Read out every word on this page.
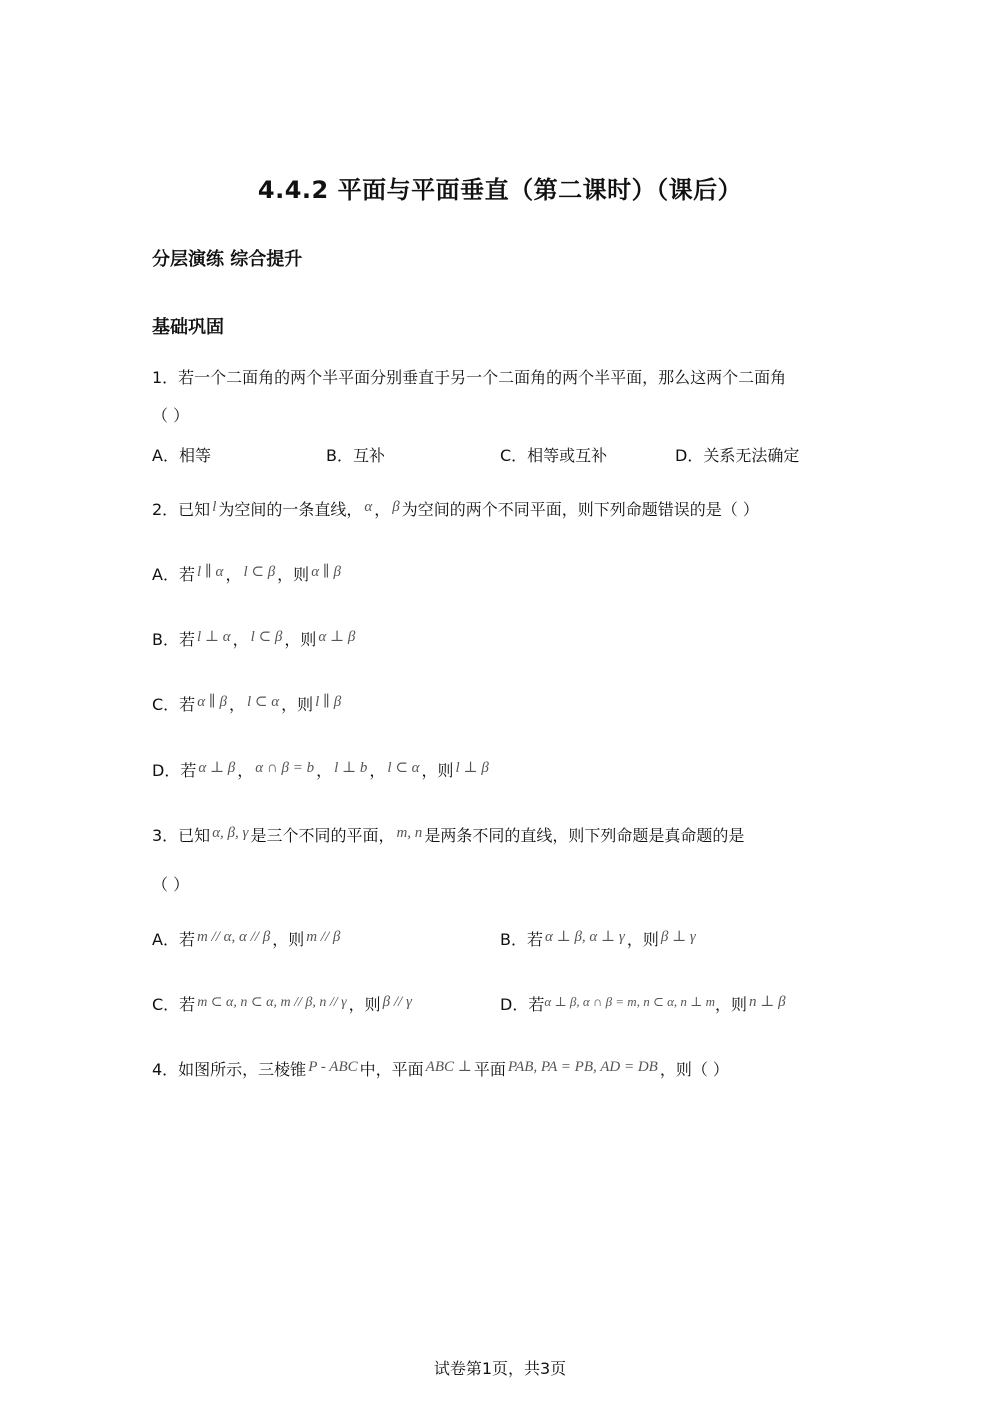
4.4.2 平面与平面垂直（第二课时）（课后）
分层演练 综合提升
基础巩固
1．若一个二面角的两个半平面分别垂直于另一个二面角的两个半平面，那么这两个二面角
（ ）
A．相等	B．互补	C．相等或互补	D．关系无法确定
2．已知 l 为空间的一条直线， α ， β 为空间的两个不同平面，则下列命题错误的是（ ）
A．若 l ∥ α ， l ⊂ β ，则 α ∥ β
B．若 l ⊥ α ， l ⊂ β ，则 α ⊥ β
C．若 α ∥ β ， l ⊂ α ，则 l ∥ β
D．若 α ⊥ β ， α ∩ β = b ， l ⊥ b ， l ⊂ α ，则 l ⊥ β
3．已知 α, β, γ 是三个不同的平面， m, n 是两条不同的直线，则下列命题是真命题的是
（ ）
A．若 m // α, α // β ，则 m // β	B．若 α ⊥ β, α ⊥ γ ，则 β ⊥ γ
C．若 m ⊂ α, n ⊂ α, m // β, n // γ ，则 β // γ	D．若$^{\alpha \perp \beta, \alpha \cap \beta = m, n \subset \alpha, n \perp m}$，则 n ⊥ β
4．如图所示，三棱锥 P - ABC 中，平面 ABC ⊥ 平面 PAB, PA = PB, AD = DB ，则（ ）
试卷第1页，共3页
